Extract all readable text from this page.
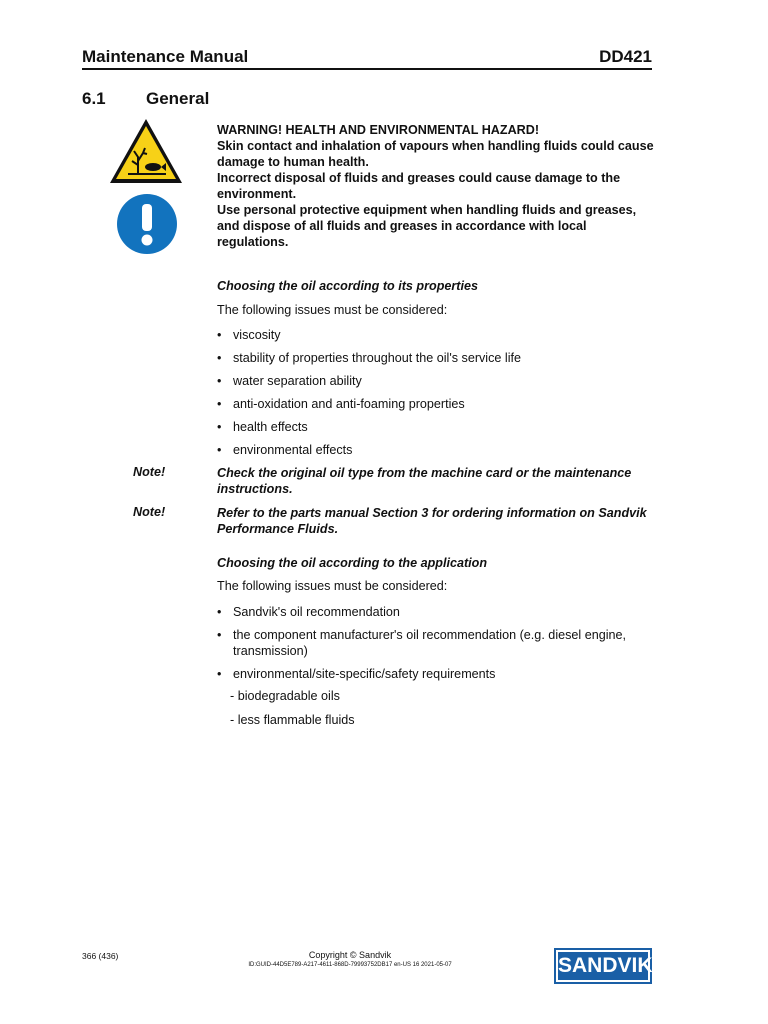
Maintenance Manual	DD421
6.1 General
WARNING! HEALTH AND ENVIRONMENTAL HAZARD!
Skin contact and inhalation of vapours when handling fluids could cause damage to human health.
Incorrect disposal of fluids and greases could cause damage to the environment.
Use personal protective equipment when handling fluids and greases, and dispose of all fluids and greases in accordance with local regulations.
Choosing the oil according to its properties
The following issues must be considered:
• viscosity
• stability of properties throughout the oil's service life
• water separation ability
• anti-oxidation and anti-foaming properties
• health effects
• environmental effects
Note!	Check the original oil type from the machine card or the maintenance instructions.
Note!	Refer to the parts manual Section 3 for ordering information on Sandvik Performance Fluids.
Choosing the oil according to the application
The following issues must be considered:
• Sandvik's oil recommendation
• the component manufacturer's oil recommendation (e.g. diesel engine, transmission)
• environmental/site-specific/safety requirements
- biodegradable oils
- less flammable fluids
366 (436)	Copyright © Sandvik
ID:GUID-44D5E789-A217-4611-868D-79993752DB17 en-US 16 2021-05-07	SANDVIK
